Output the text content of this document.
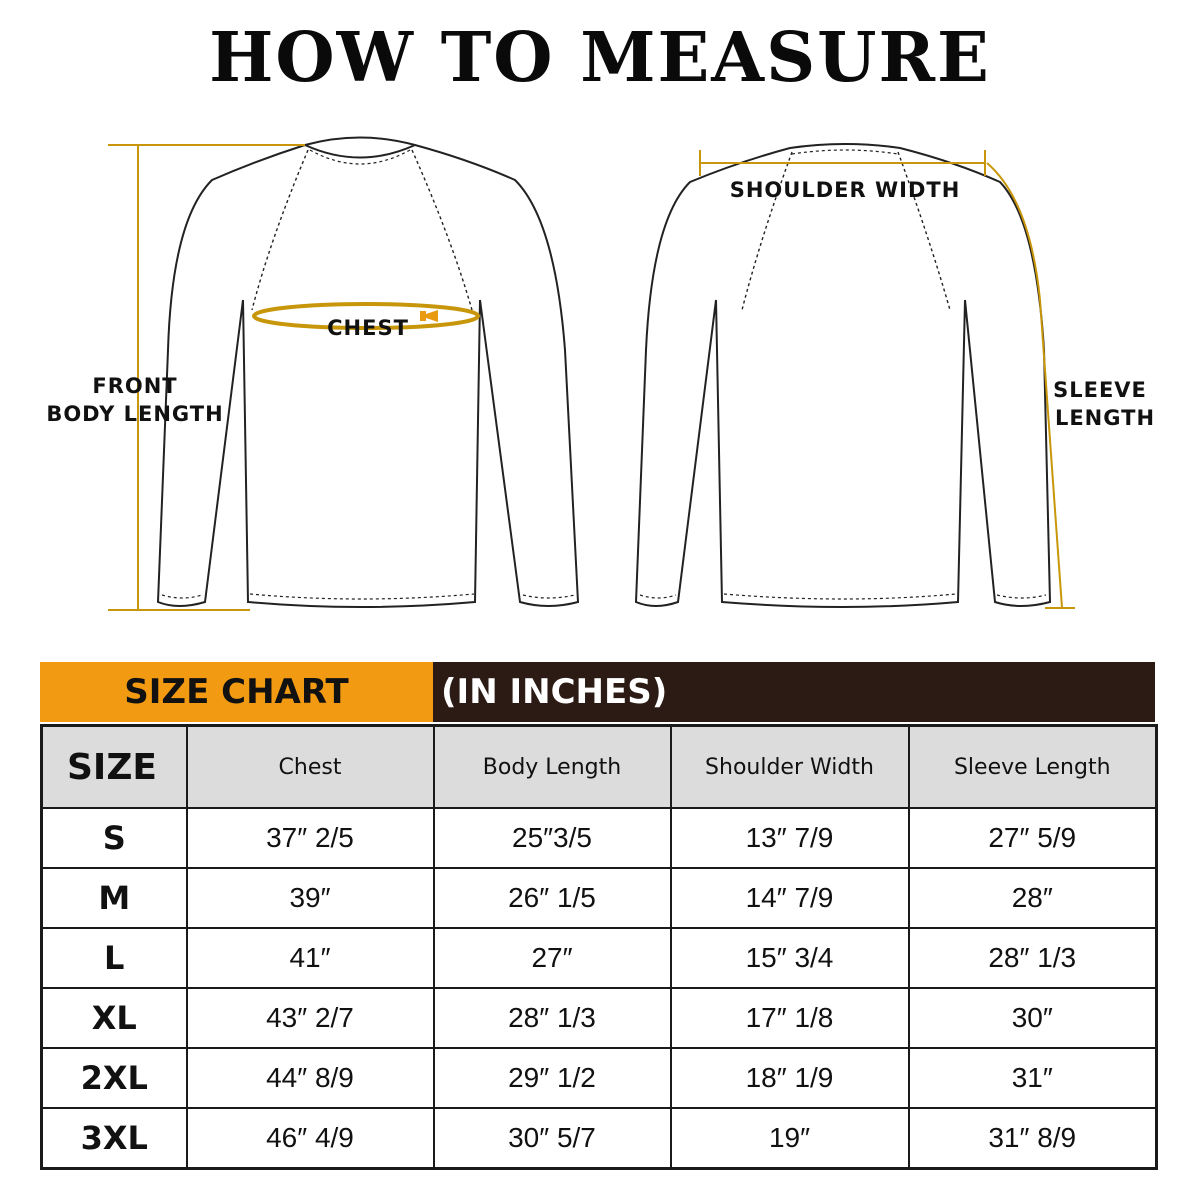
HOW TO MEASURE
CHEST
FRONT
BODY LENGTH
SHOULDER WIDTH
SLEEVE
LENGTH
SIZE CHART	(IN INCHES)
SIZE	Chest	Body Length	Shoulder Width	Sleeve Length
S	37″ 2/5	25″3/5	13″ 7/9	27″ 5/9
M	39″	26″ 1/5	14″ 7/9	28″
L	41″	27″	15″ 3/4	28″ 1/3
XL	43″ 2/7	28″ 1/3	17″ 1/8	30″
2XL	44″ 8/9	29″ 1/2	18″ 1/9	31″
3XL	46″ 4/9	30″ 5/7	19″	31″ 8/9
